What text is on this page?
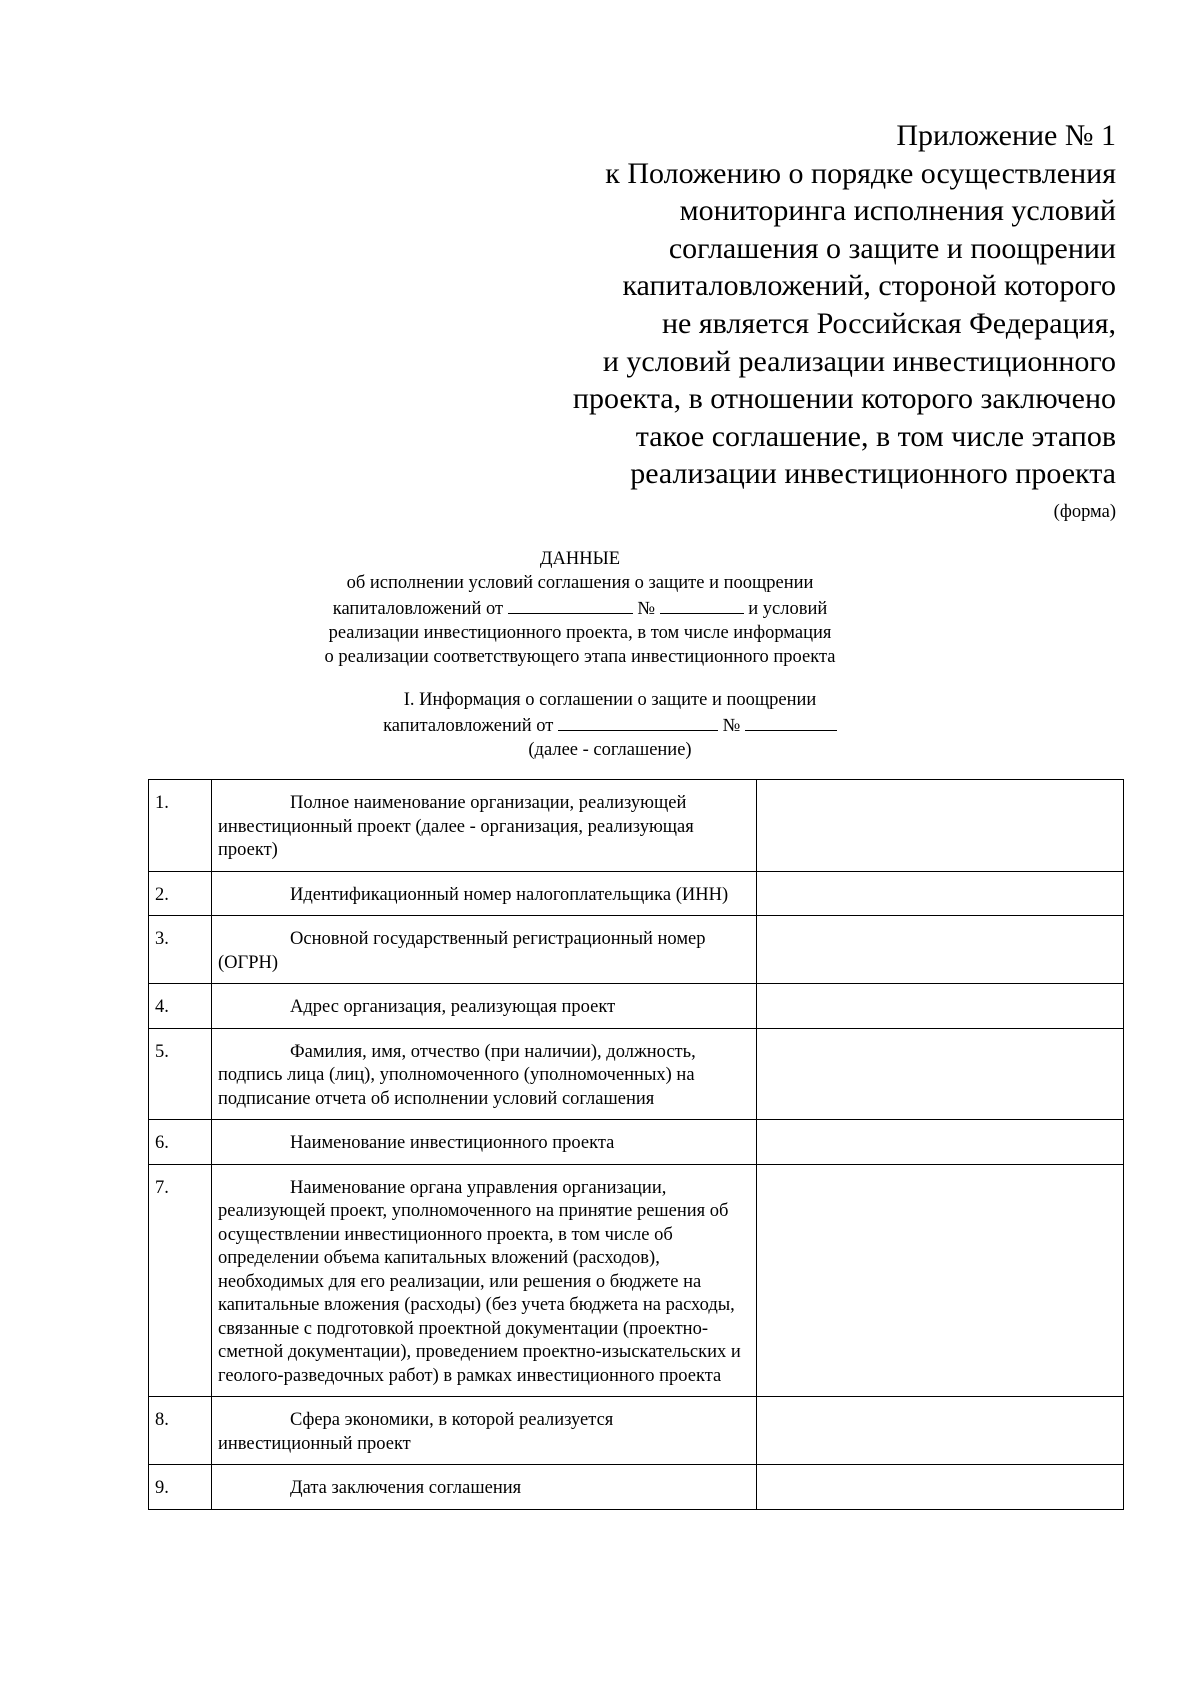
Приложение № 1
к Положению о порядке осуществления
мониторинга исполнения условий
соглашения о защите и поощрении
капиталовложений, стороной которого
не является Российская Федерация,
и условий реализации инвестиционного
проекта, в отношении которого заключено
такое соглашение, в том числе этапов
реализации инвестиционного проекта
(форма)
ДАННЫЕ
об исполнении условий соглашения о защите и поощрении
капиталовложений от	№	и условий
реализации инвестиционного проекта, в том числе информация
о реализации соответствующего этапа инвестиционного проекта
I. Информация о соглашении о защите и поощрении
капиталовложений от	№
(далее - соглашение)
1.	Полное наименование организации, реализующей инвестиционный проект (далее - организация, реализующая проект)	
2.	Идентификационный номер налогоплательщика (ИНН)	
3.	Основной государственный регистрационный номер (ОГРН)	
4.	Адрес организация, реализующая проект	
5.	Фамилия, имя, отчество (при наличии), должность, подпись лица (лиц), уполномоченного (уполномоченных) на подписание отчета об исполнении условий соглашения	
6.	Наименование инвестиционного проекта	
7.	Наименование органа управления организации, реализующей проект, уполномоченного на принятие решения об осуществлении инвестиционного проекта, в том числе об определении объема капитальных вложений (расходов), необходимых для его реализации, или решения о бюджете на капитальные вложения (расходы) (без учета бюджета на расходы, связанные с подготовкой проектной документации (проектно-сметной документации), проведением проектно-изыскательских и геолого-разведочных работ) в рамках инвестиционного проекта	
8.	Сфера экономики, в которой реализуется инвестиционный проект	
9.	Дата заключения соглашения	
